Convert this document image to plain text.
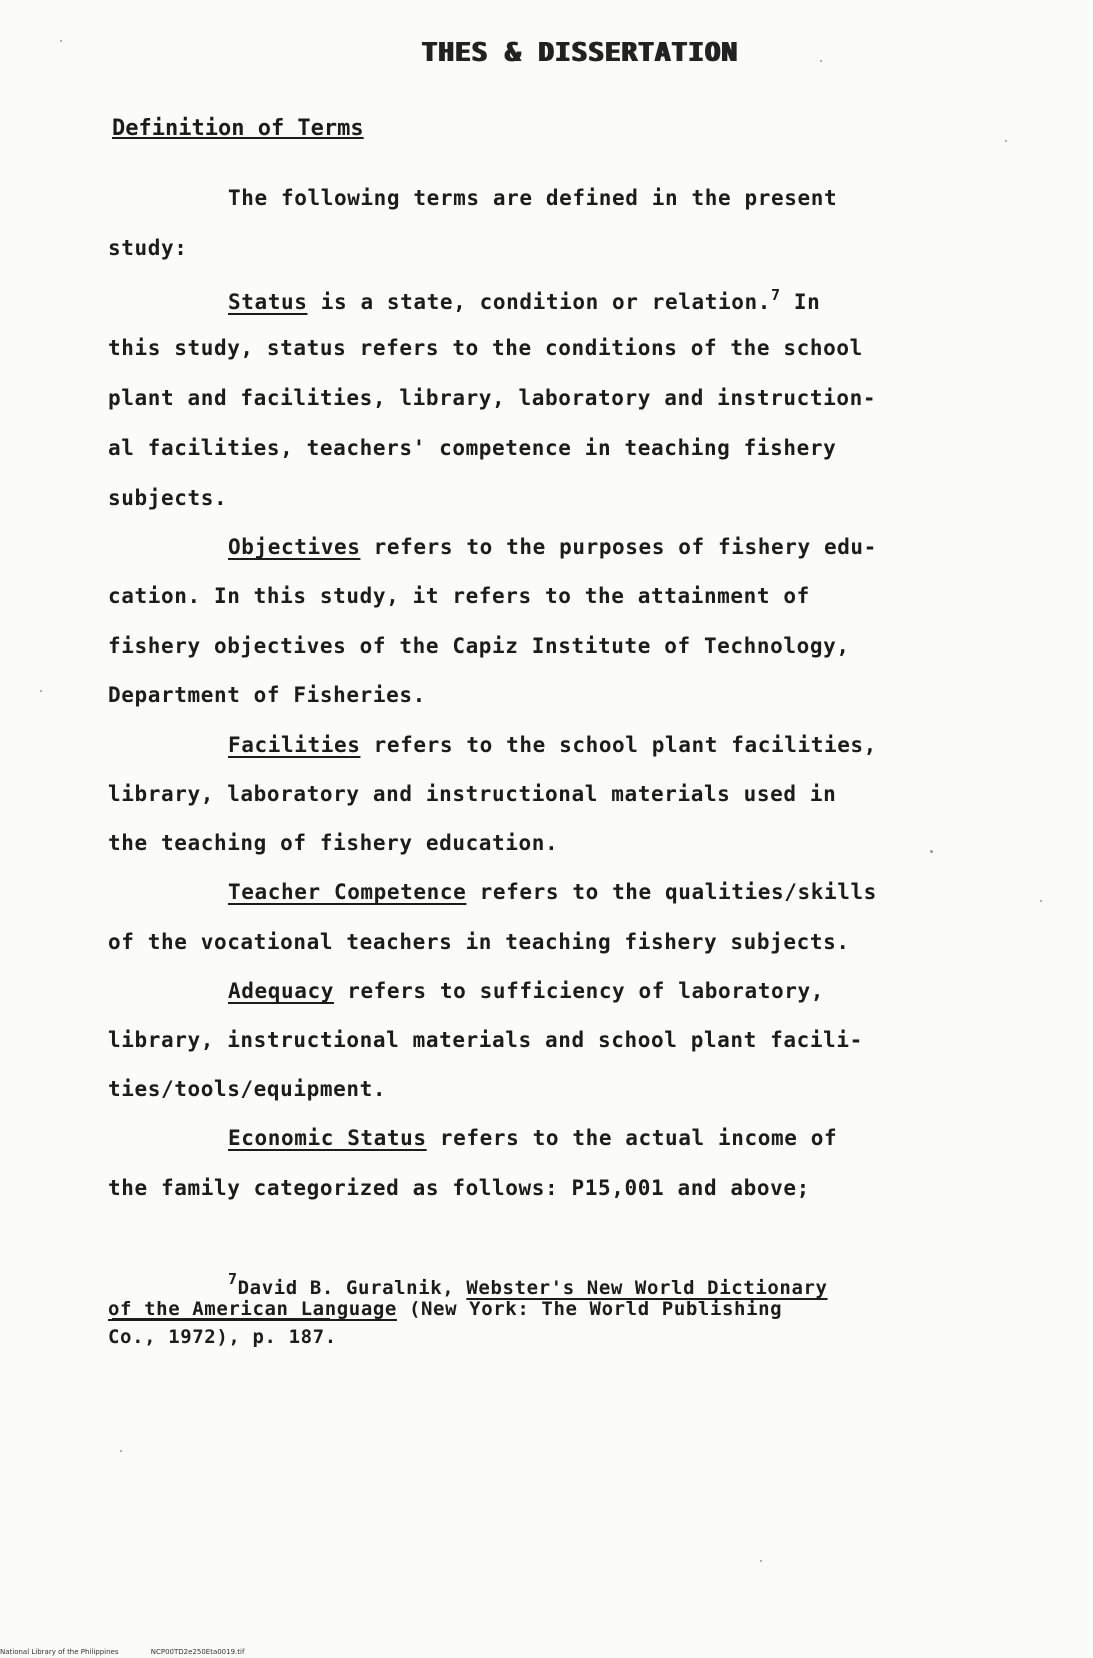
THES & DISSERTATION
Definition of Terms
The following terms are defined in the present
study:
Status is a state, condition or relation.$^7$ In
this study, status refers to the conditions of the school
plant and facilities, library, laboratory and instruction-
al facilities, teachers' competence in teaching fishery
subjects.
Objectives refers to the purposes of fishery edu-
cation. In this study, it refers to the attainment of
fishery objectives of the Capiz Institute of Technology,
Department of Fisheries.
Facilities refers to the school plant facilities,
library, laboratory and instructional materials used in
the teaching of fishery education.
Teacher Competence refers to the qualities/skills
of the vocational teachers in teaching fishery subjects.
Adequacy refers to sufficiency of laboratory,
library, instructional materials and school plant facili-
ties/tools/equipment.
Economic Status refers to the actual income of
the family categorized as follows: P15,001 and above;
$^7$David B. Guralnik, Webster's New World Dictionary
of the American Language (New York: The World Publishing
Co., 1972), p. 187.
National Library of the Philippines	NCP00TD2e250Eta0019.tif
